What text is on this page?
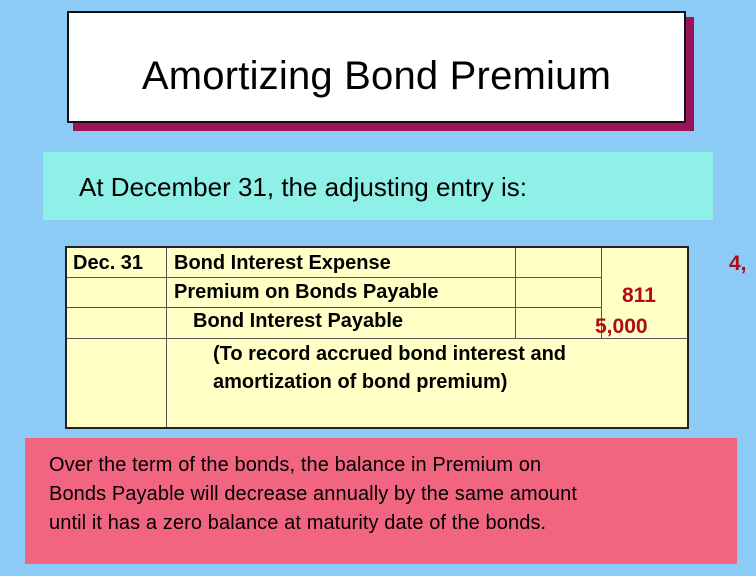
Amortizing Bond Premium
At December 31, the adjusting entry is:
Dec. 31 Bond Interest Expense
Premium on Bonds Payable
Bond Interest Payable
(To record accrued bond interest and
amortization of bond premium)
4,
811
5,000
Over the term of the bonds, the balance in Premium on
Bonds Payable will decrease annually by the same amount
until it has a zero balance at maturity date of the bonds.
